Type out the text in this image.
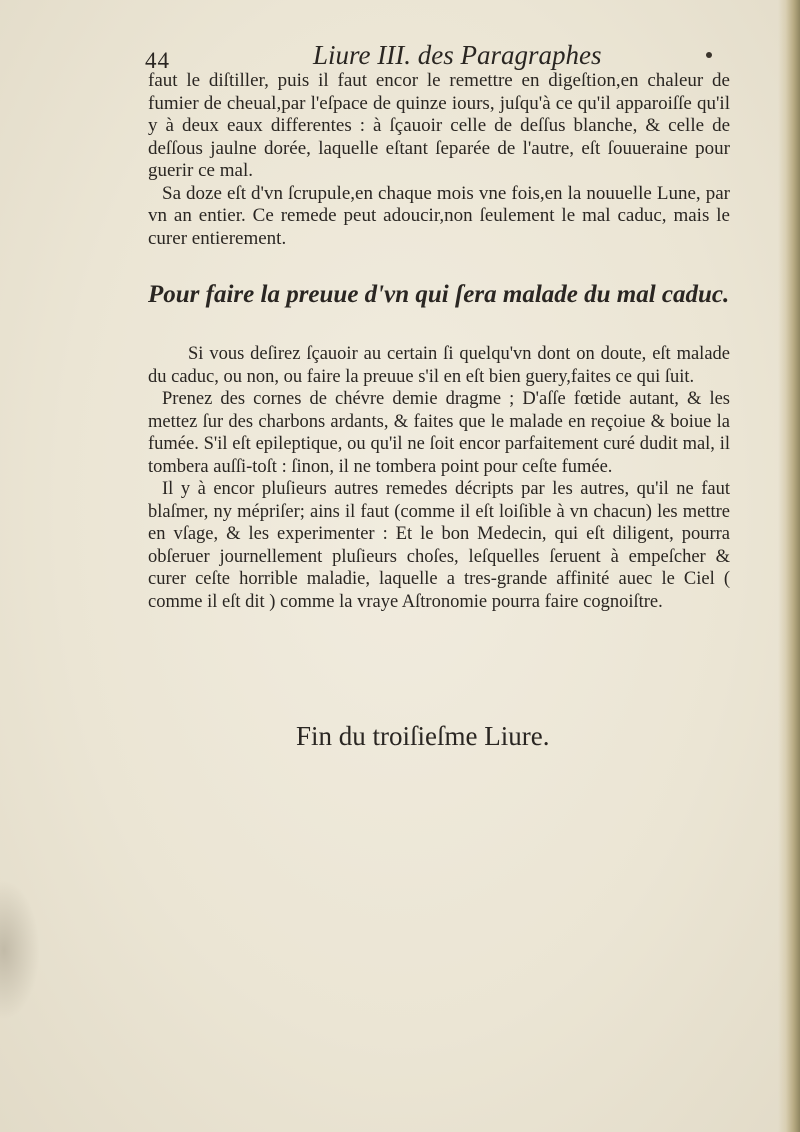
44	Liure III. des Paragraphes

faut le diſtiller, puis il faut encor le remettre en digeſtion,en chaleur de fumier de cheual,par l'eſpace de quinze iours, juſqu'à ce qu'il apparoiſſe qu'il y à deux eaux differentes : à ſçauoir celle de deſſus blanche, & celle de deſſous jaulne dorée, laquelle eſtant ſeparée de l'autre, eſt ſouueraine pour guerir ce mal.

Sa doze eſt d'vn ſcrupule,en chaque mois vne fois,en la nouuelle Lune, par vn an entier. Ce remede peut adoucir,non ſeulement le mal caduc, mais le curer entierement.

Pour faire la preuue d'vn qui ſera malade du mal caduc.

Si vous deſirez ſçauoir au certain ſi quelqu'vn dont on doute, eſt malade du caduc, ou non, ou faire la preuue s'il en eſt bien guery,faites ce qui ſuit.

Prenez des cornes de chévre demie dragme ; D'aſſe fœtide autant, & les mettez ſur des charbons ardants, & faites que le malade en reçoiue & boiue la fumée. S'il eſt epileptique, ou qu'il ne ſoit encor parfaitement curé dudit mal, il tombera auſſi-toſt : ſinon, il ne tombera point pour ceſte fumée.

Il y à encor pluſieurs autres remedes décripts par les autres, qu'il ne faut blaſmer, ny mépriſer; ains il faut (comme il eſt loiſible à vn chacun) les mettre en vſage, & les experimenter : Et le bon Medecin, qui eſt diligent, pourra obſeruer journellement pluſieurs choſes, leſquelles ſeruent à empeſcher & curer ceſte horrible maladie, laquelle a tres-grande affinité auec le Ciel ( comme il eſt dit ) comme la vraye Aſtronomie pourra faire cognoiſtre.

Fin du troiſieſme Liure.
